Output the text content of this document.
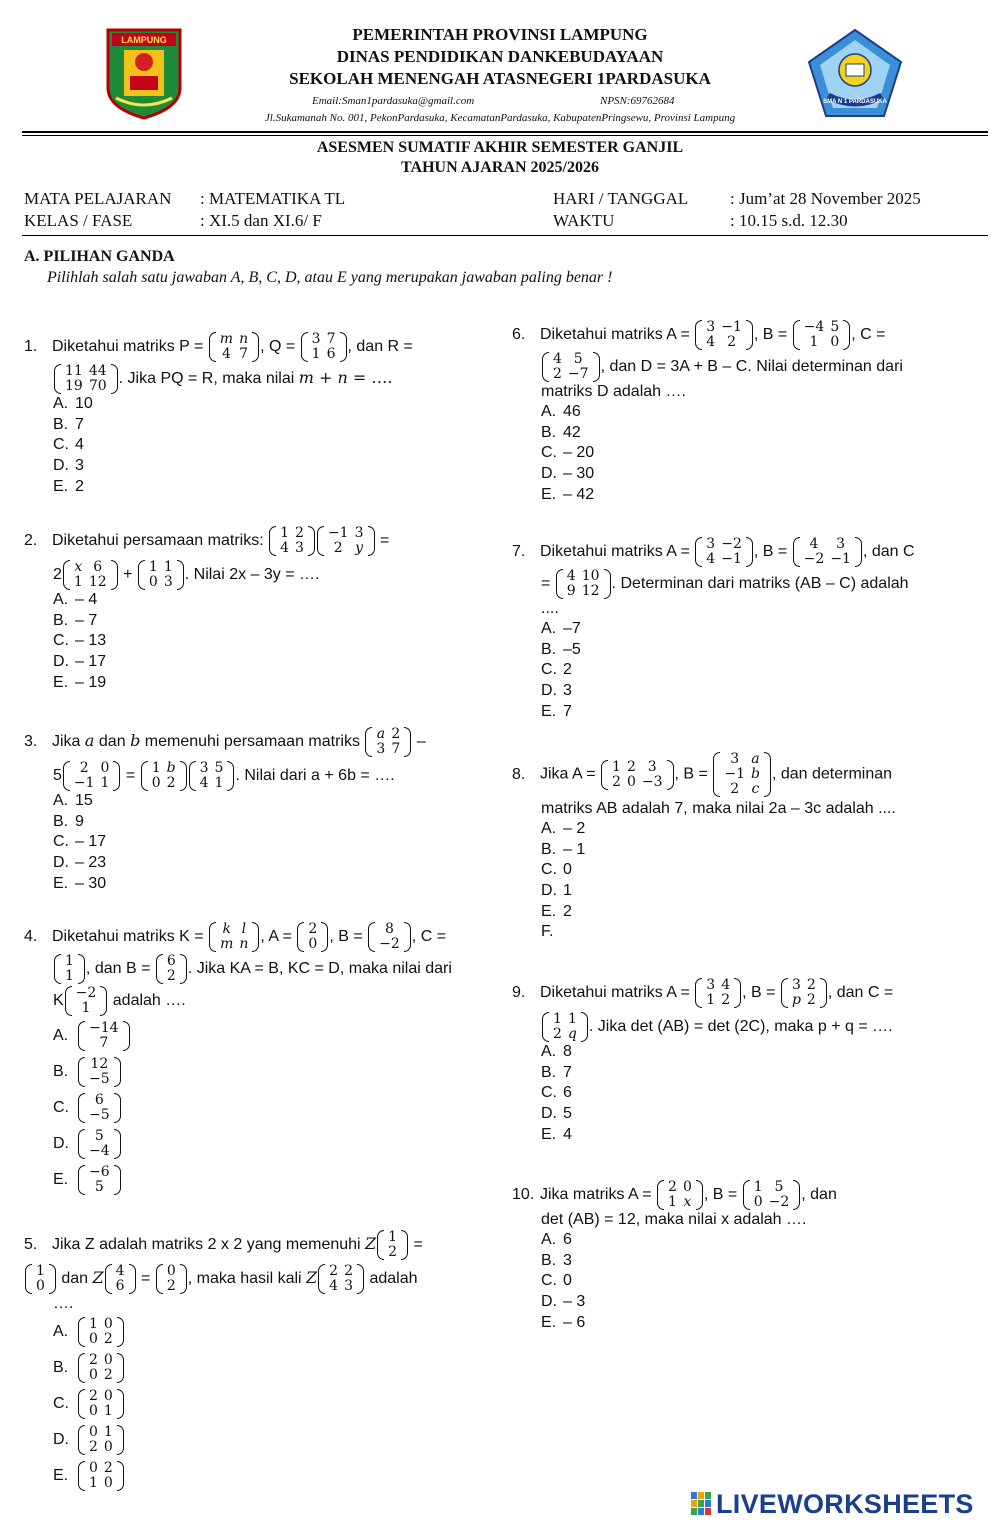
LAMPUNG	PEMERINTAH PROVINSI LAMPUNG
DINAS PENDIDIKAN DANKEBUDAYAAN
SEKOLAH MENENGAH ATASNEGERI 1PARDASUKA
Email:Sman1pardasuka@gmail.com	NPSN:69762684
Jl.Sukamanah No. 001, PekonPardasuka, KecamatanPardasuka, KabupatenPringsewu, Provinsi Lampung
SMA N 1 PARDASUKA
ASESMEN SUMATIF AKHIR SEMESTER GANJIL
TAHUN AJARAN 2025/2026
MATA PELAJARAN : MATEMATIKA TL
KELAS / FASE	: XI.5 dan XI.6/ F
HARI / TANGGAL : Jum’at 28 November 2025
WAKTU	: 10.15 s.d. 12.30
A. PILIHAN GANDA
Pilihlah salah satu jawaban A, B, C, D, atau E yang merupakan jawaban paling benar !
1. Diketahui matriks P = m	n
4	7 , Q = 3	7
1	6 , dan R =
11	44
19	70 . Jika PQ = R, maka nilai m + n = ….
A. 10
B. 7
C. 4
D. 3
E. 2
2. Diketahui persamaan matriks: 1	2
4	3
−1	3
2	y =
2 x	6
1	12 + 1	1
0	3 . Nilai 2x – 3y = ….
A. – 4
B. – 7
C. – 13
D. – 17
E. – 19
3. Jika a dan b memenuhi persamaan matriks a	2
3	7 –
5 2	0
−1	1 = 1	b
0	2
3	5
4	1 . Nilai dari a + 6b = ….
A. 15
B. 9
C. – 17
D. – 23
E. – 30
4. Diketahui matriks K = k	l
m	n , A = 2
0 , B = 8
−2 , C =
1
1 , dan B = 6
2 . Jika KA = B, KC = D, maka nilai dari
K −2
1 adalah ….
A.	−14
7
B.	12
−5
C.	6
−5
D.	5
−4
E.	−6
5
5. Jika Z adalah matriks 2 x 2 yang memenuhi Z 1
2 =
1
0 dan Z 4
6 = 0
2 , maka hasil kali Z 2	2
4	3 adalah
….
A.	1	0
0	2
B.	2	0
0	2
C.	2	0
0	1
D.	0	1
2	0
E.	0	2
1	0
6. Diketahui matriks A = 3	−1
4	2 , B = −4	5
1	0 , C =
4	5
2	−7 , dan D = 3A + B – C. Nilai determinan dari
matriks D adalah ….
A. 46
B. 42
C. – 20
D. – 30
E. – 42
7. Diketahui matriks A = 3	−2
4	−1 , B = 4	3
−2	−1 , dan C
= 4	10
9	12 . Determinan dari matriks (AB – C) adalah
....
A. –7
B. –5
C. 2
D. 3
E. 7
8. Jika A = 1	2	3
2	0	−3 , B =
3	a
−1	b
2	c
, dan determinan
matriks AB adalah 7, maka nilai 2a – 3c adalah ....
A. – 2
B. – 1
C. 0
D. 1
E. 2
F.
9. Diketahui matriks A = 3	4
1	2 , B = 3	2
p	2 , dan C =
1	1
2	q . Jika det (AB) = det (2C), maka p + q = ….
A. 8
B. 7
C. 6
D. 5
E. 4
10. Jika matriks A = 2	0
1	x , B = 1	5
0	−2 , dan
det (AB) = 12, maka nilai x adalah ….
A. 6
B. 3
C. 0
D. – 3
E. – 6
LIVEWORKSHEETS
